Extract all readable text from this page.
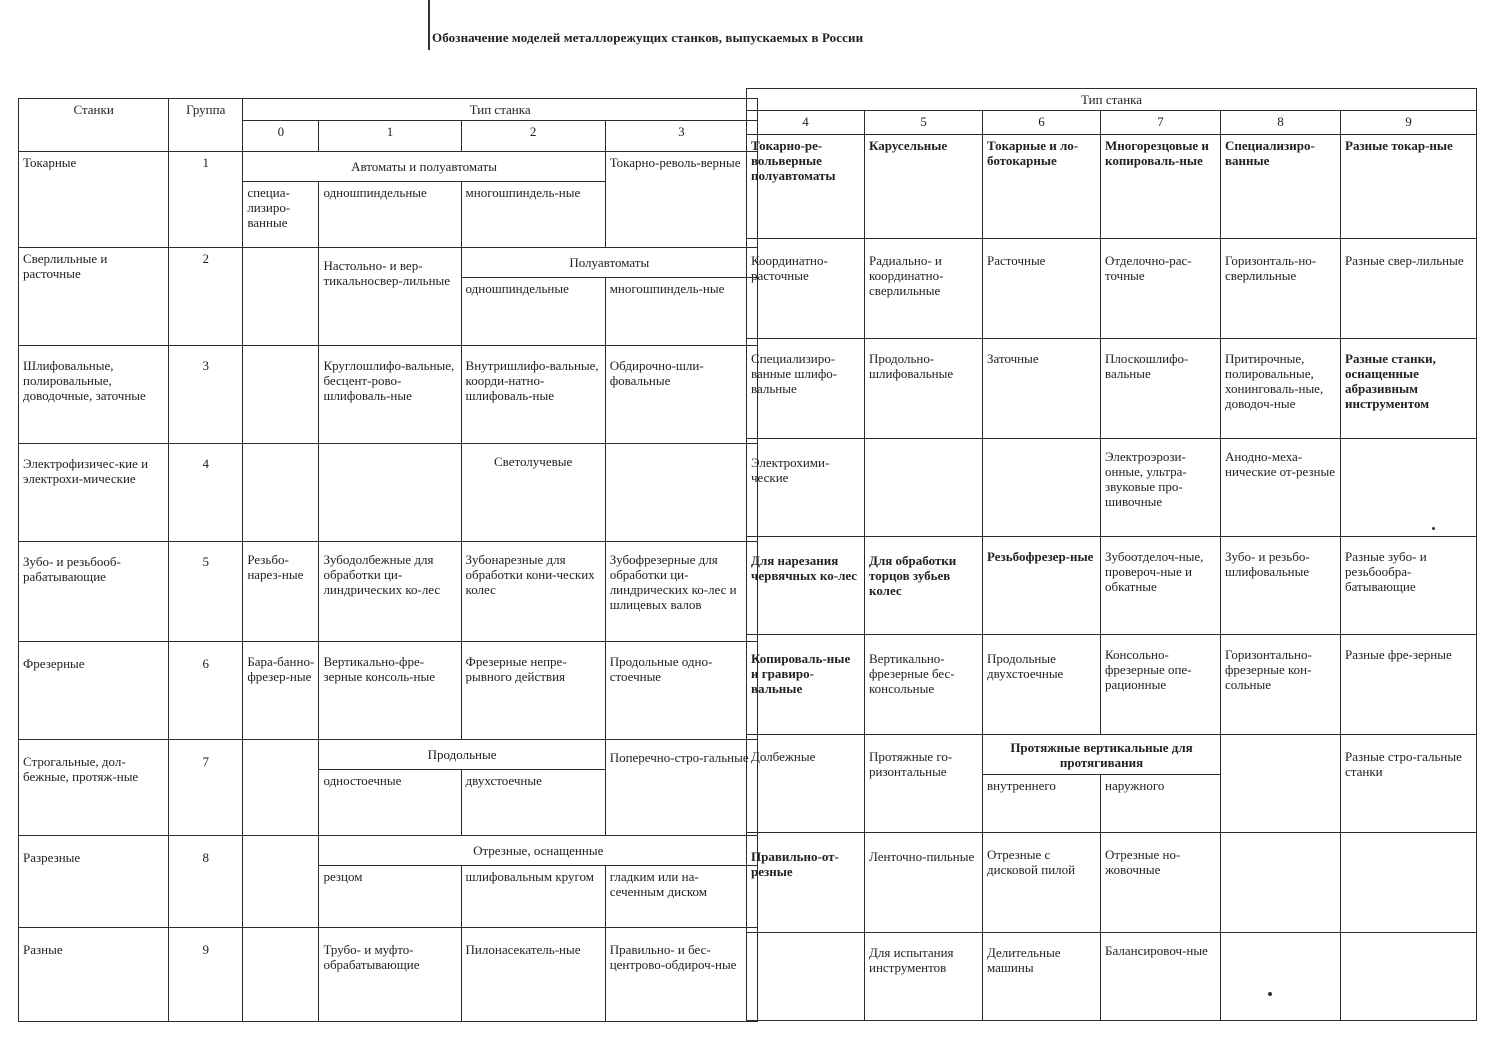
Обозначение моделей металлорежущих станков, выпускаемых в России
Станки	Группа	Тип станка			
		0	1	2	3
Токарные	1	Автоматы и полуавтоматы			Токарно-револь-верные
		специа-лизиро-ванные	одношпиндельные	многошпиндель-ные	
Сверлильные и расточные	2		Настольно- и вер-тикальносвер-лильные	Полуавтоматы	
				одношпиндельные	многошпиндель-ные
Шлифовальные, полировальные, доводочные, заточные	3		Круглошлифо-вальные, бесцент-рово-шлифоваль-ные	Внутришлифо-вальные, коорди-натно-шлифоваль-ные	Обдирочно-шли-фовальные
Электрофизичес-кие и электрохи-мические	4			Светолучевые	
Зубо- и резьбооб-рабатывающие	5	Резьбо-нарез-ные	Зубодолбежные для обработки ци-линдрических ко-лес	Зубонарезные для обработки кони-ческих колес	Зубофрезерные для обработки ци-линдрических ко-лес и шлицевых валов
Фрезерные	6	Бара-банно-фрезер-ные	Вертикально-фре-зерные консоль-ные	Фрезерные непре-рывного действия	Продольные одно-стоечные
Строгальные, дол-бежные, протяж-ные	7		Продольные		Поперечно-стро-гальные
			одностоечные	двухстоечные	
Разрезные	8		Отрезные, оснащенные		
			резцом	шлифовальным кругом	гладким или на-сеченным диском
Разные	9		Трубо- и муфто-обрабатывающие	Пилонасекатель-ные	Правильно- и бес-центрово-обдироч-ные
Тип станка					
4	5	6	7	8	9
Токарно-ре-вольверные полуавтоматы	Карусельные	Токарные и ло-ботокарные	Многорезцовые и копироваль-ные	Специализиро-ванные	Разные токар-ные
Координатно-расточные	Радиально- и координатно-сверлильные	Расточные	Отделочно-рас-точные	Горизонталь-но-сверлильные	Разные свер-лильные
Специализиро-ванные шлифо-вальные	Продольно-шлифовальные	Заточные	Плоскошлифо-вальные	Притирочные, полировальные, хонинговаль-ные, доводоч-ные	Разные станки, оснащенные абразивным инструментом
Электрохими-ческие			Электроэрози-онные, ультра-звуковые про-шивочные	Анодно-меха-нические от-резные	
Для нарезания червячных ко-лес	Для обработки торцов зубьев колес	Резьбофрезер-ные	Зубоотделоч-ные, провероч-ные и обкатные	Зубо- и резьбо-шлифовальные	Разные зубо- и резьбообра-батывающие
Копироваль-ные и гравиро-вальные	Вертикально-фрезерные бес-консольные	Продольные двухстоечные	Консольно-фрезерные опе-рационные	Горизонтально-фрезерные кон-сольные	Разные фре-зерные
Долбежные	Протяжные го-ризонтальные	Протяжные вертикальные для протягивания			Разные стро-гальные станки
		внутреннего	наружного		
Правильно-от-резные	Ленточно-пильные	Отрезные с дисковой пилой	Отрезные но-жовочные		
	Для испытания инструментов	Делительные машины	Балансировоч-ные		
